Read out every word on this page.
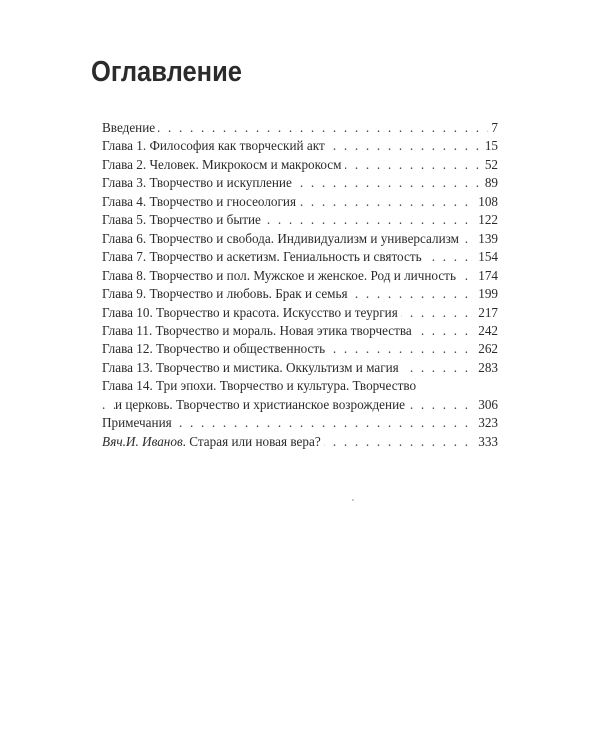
Оглавление
. . .
7
Введение
. . .
15
Глава 1. Философия как творческий акт
. . .
52
Глава 2. Человек. Микрокосм и макрокосм
. . .
89
Глава 3. Творчество и искупление
. . .
108
Глава 4. Творчество и гносеология
. . .
122
Глава 5. Творчество и бытие
. . .
139
Глава 6. Творчество и свобода. Индивидуализм и универсализм
. . .
154
Глава 7. Творчество и аскетизм. Гениальность и святость
. . .
174
Глава 8. Творчество и пол. Мужское и женское. Род и личность
. . .
199
Глава 9. Творчество и любовь. Брак и семья
. . .
217
Глава 10. Творчество и красота. Искусство и теургия
. . .
242
Глава 11. Творчество и мораль. Новая этика творчества
. . .
262
Глава 12. Творчество и общественность
. . .
283
Глава 13. Творчество и мистика. Оккультизм и магия
Глава 14. Три эпохи. Творчество и культура. Творчество
. . .
306
и церковь. Творчество и христианское возрождение
. . .
323
Примечания
. . .
333
Вяч.И. Иванов. Старая или новая вера?
